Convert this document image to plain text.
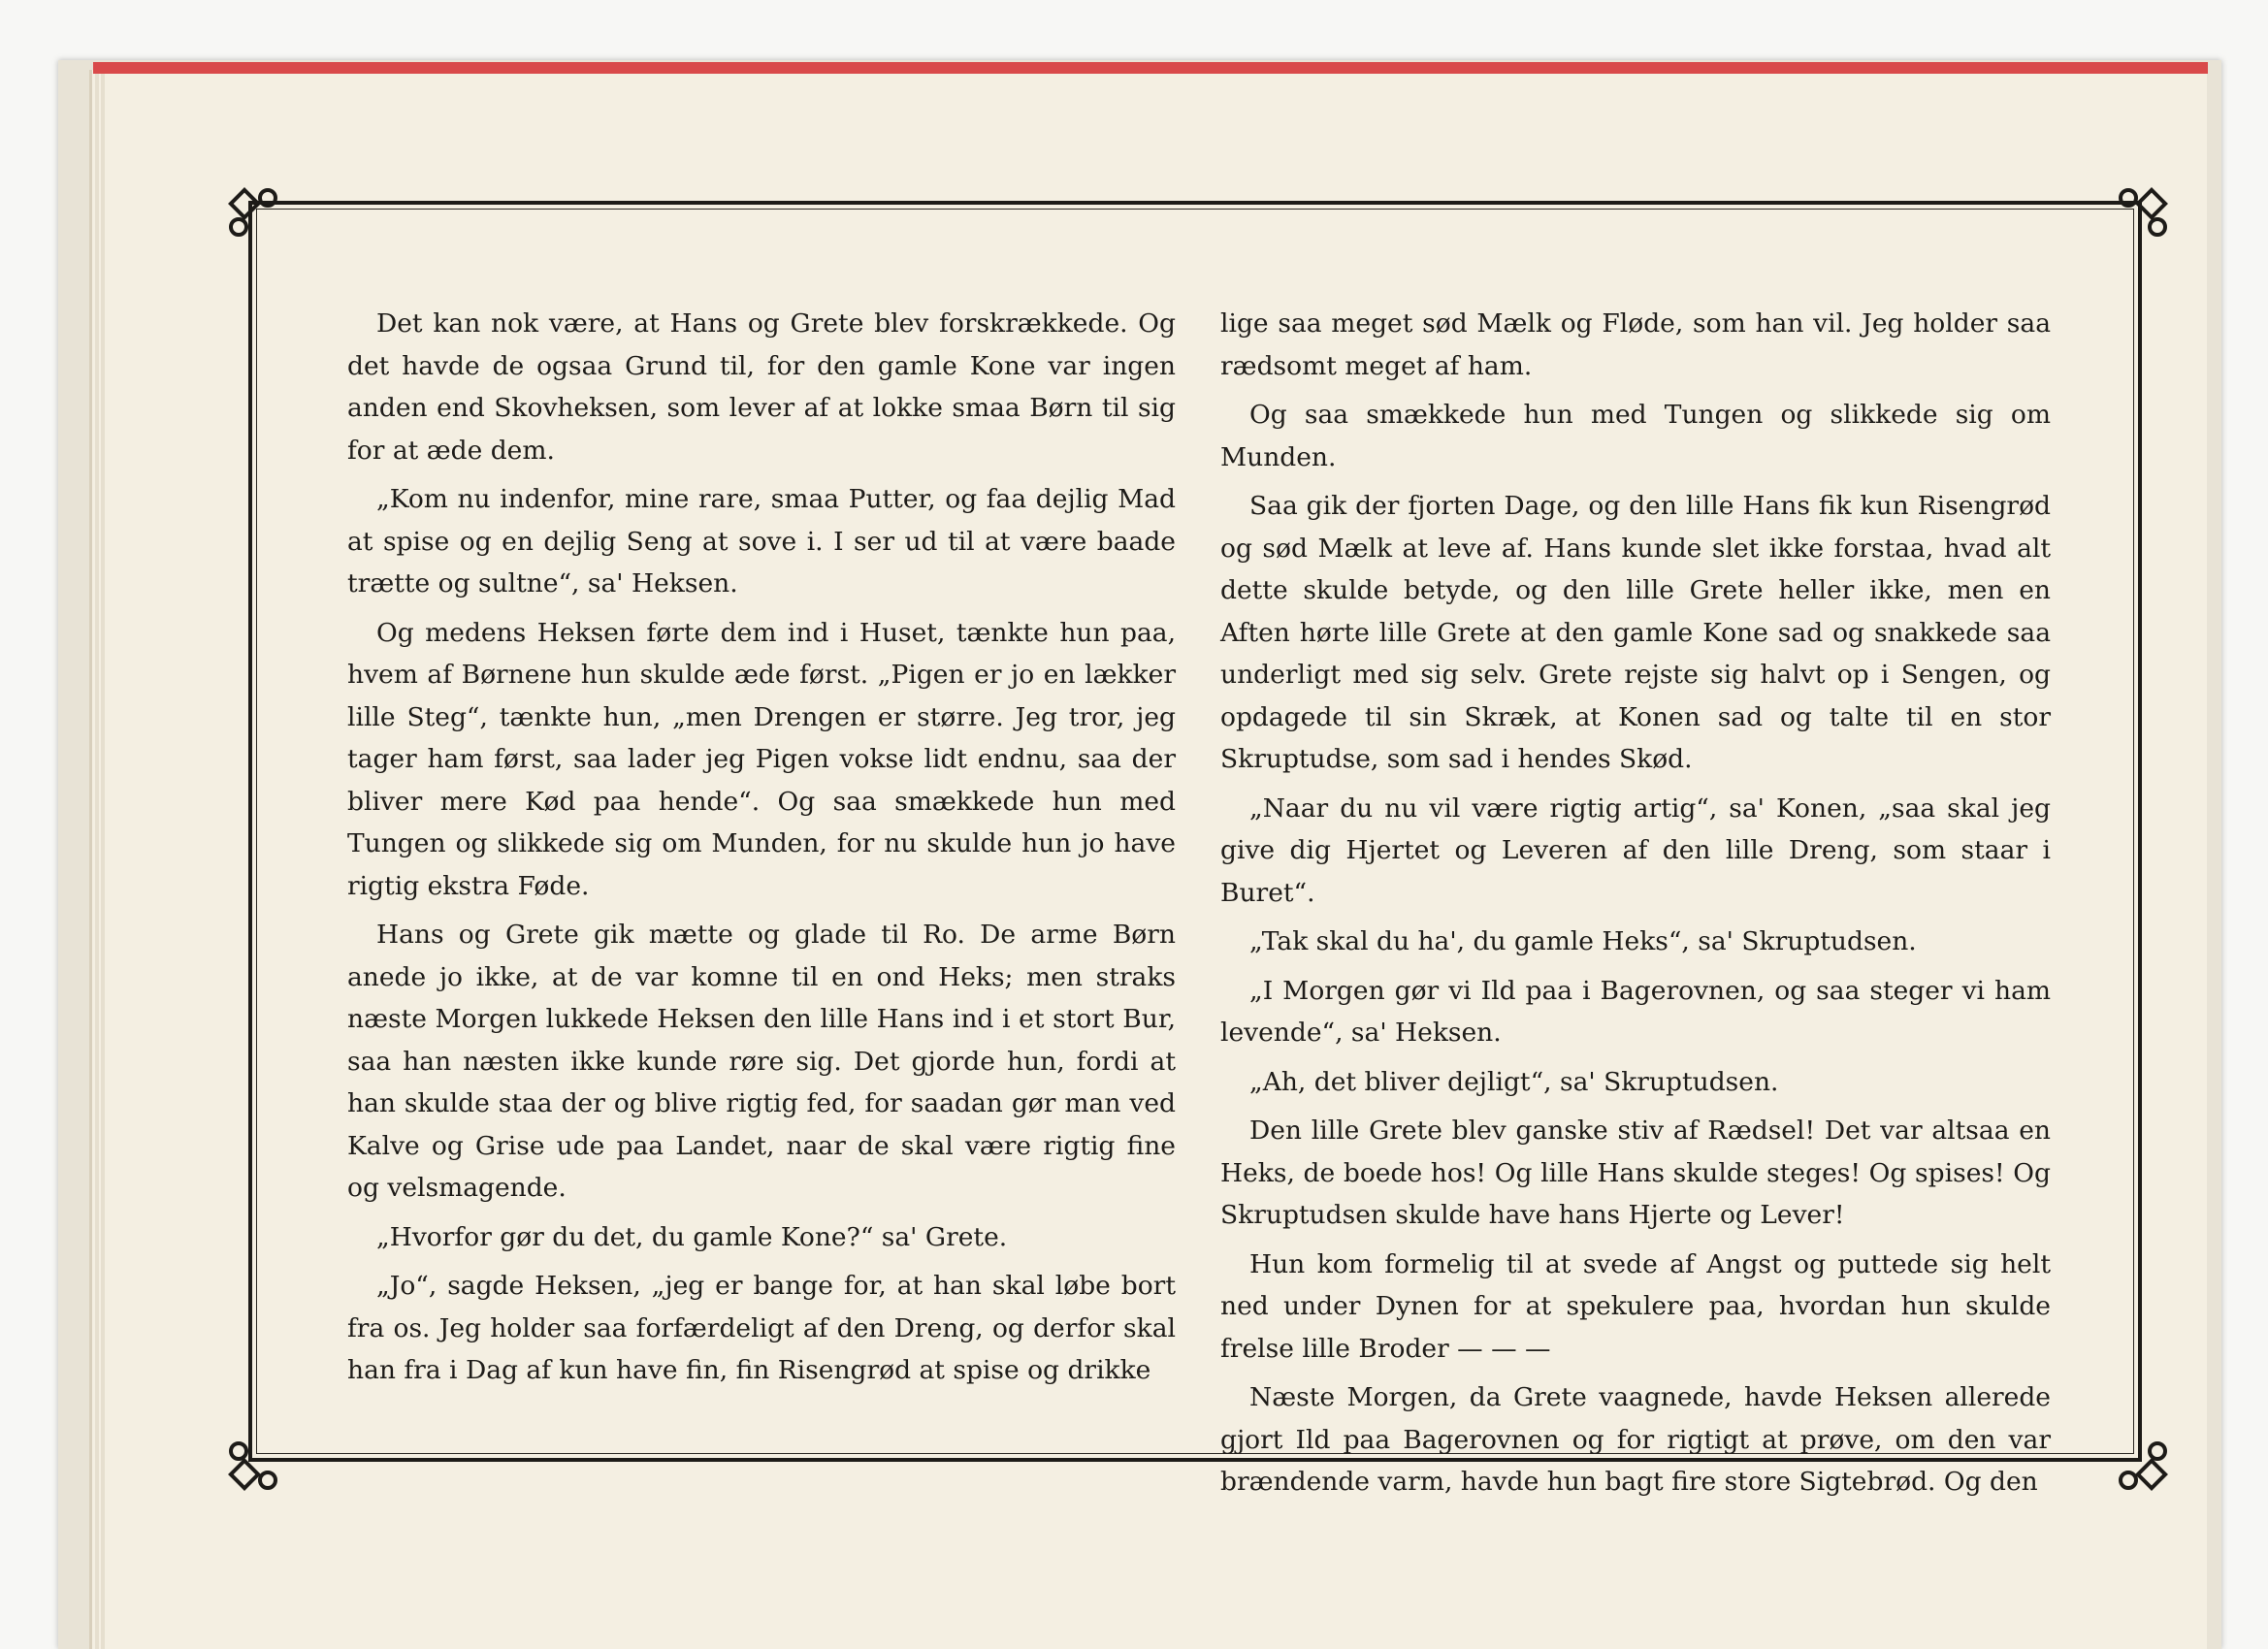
Det kan nok være, at Hans og Grete blev forskrækkede. Og det havde de ogsaa Grund til, for den gamle Kone var ingen anden end Skovheksen, som lever af at lokke smaa Børn til sig for at æde dem.

„Kom nu indenfor, mine rare, smaa Putter, og faa dejlig Mad at spise og en dejlig Seng at sove i. I ser ud til at være baade trætte og sultne“, sa' Heksen.

Og medens Heksen førte dem ind i Huset, tænkte hun paa, hvem af Børnene hun skulde æde først. „Pigen er jo en lækker lille Steg“, tænkte hun, „men Drengen er større. Jeg tror, jeg tager ham først, saa lader jeg Pigen vokse lidt endnu, saa der bliver mere Kød paa hende“. Og saa smækkede hun med Tungen og slikkede sig om Munden, for nu skulde hun jo have rigtig ekstra Føde.

Hans og Grete gik mætte og glade til Ro. De arme Børn anede jo ikke, at de var komne til en ond Heks; men straks næste Morgen lukkede Heksen den lille Hans ind i et stort Bur, saa han næsten ikke kunde røre sig. Det gjorde hun, fordi at han skulde staa der og blive rigtig fed, for saadan gør man ved Kalve og Grise ude paa Landet, naar de skal være rigtig fine og velsmagende.

„Hvorfor gør du det, du gamle Kone?“ sa' Grete.

„Jo“, sagde Heksen, „jeg er bange for, at han skal løbe bort fra os. Jeg holder saa forfærdeligt af den Dreng, og derfor skal han fra i Dag af kun have fin, fin Risengrød at spise og drikke

lige saa meget sød Mælk og Fløde, som han vil. Jeg holder saa rædsomt meget af ham.

Og saa smækkede hun med Tungen og slikkede sig om Munden.

Saa gik der fjorten Dage, og den lille Hans fik kun Risengrød og sød Mælk at leve af. Hans kunde slet ikke forstaa, hvad alt dette skulde betyde, og den lille Grete heller ikke, men en Aften hørte lille Grete at den gamle Kone sad og snakkede saa underligt med sig selv. Grete rejste sig halvt op i Sengen, og opdagede til sin Skræk, at Konen sad og talte til en stor Skruptudse, som sad i hendes Skød.

„Naar du nu vil være rigtig artig“, sa' Konen, „saa skal jeg give dig Hjertet og Leveren af den lille Dreng, som staar i Buret“.

„Tak skal du ha', du gamle Heks“, sa' Skruptudsen.

„I Morgen gør vi Ild paa i Bagerovnen, og saa steger vi ham levende“, sa' Heksen.

„Ah, det bliver dejligt“, sa' Skruptudsen.

Den lille Grete blev ganske stiv af Rædsel! Det var altsaa en Heks, de boede hos! Og lille Hans skulde steges! Og spises! Og Skruptudsen skulde have hans Hjerte og Lever!

Hun kom formelig til at svede af Angst og puttede sig helt ned under Dynen for at spekulere paa, hvordan hun skulde frelse lille Broder — — —

Næste Morgen, da Grete vaagnede, havde Heksen allerede gjort Ild paa Bagerovnen og for rigtigt at prøve, om den var brændende varm, havde hun bagt fire store Sigtebrød. Og den
